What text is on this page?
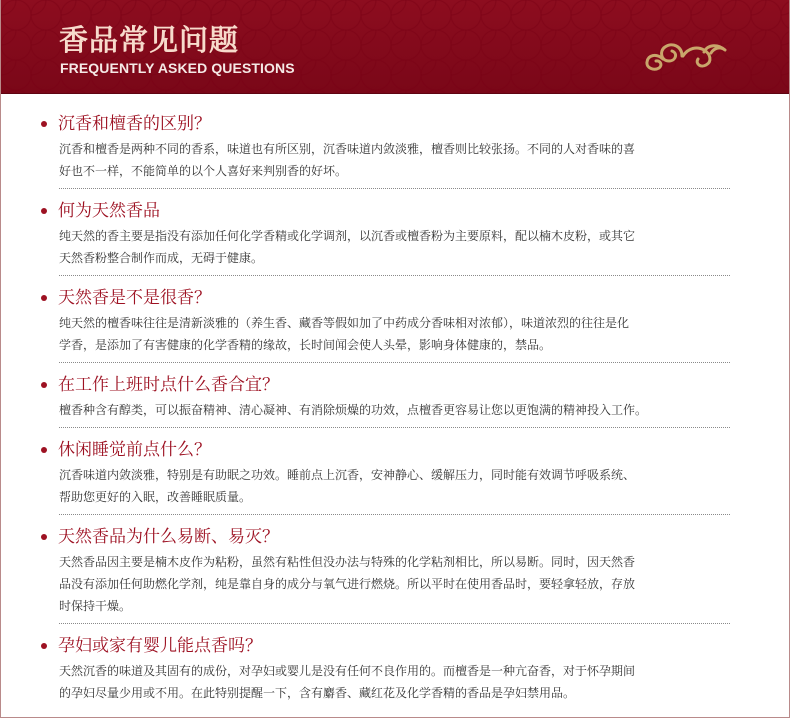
香品常见问题
FREQUENTLY ASKED QUESTIONS
沉香和檀香的区别？
沉香和檀香是两种不同的香系，味道也有所区别，沉香味道内敛淡雅，檀香则比较张扬。不同的人对香味的喜
好也不一样，不能简单的以个人喜好来判别香的好坏。
何为天然香品
纯天然的香主要是指没有添加任何化学香精或化学调剂，以沉香或檀香粉为主要原料，配以楠木皮粉，或其它
天然香粉整合制作而成，无碍于健康。
天然香是不是很香？
纯天然的檀香味往往是清新淡雅的（养生香、藏香等假如加了中药成分香味相对浓郁），味道浓烈的往往是化
学香，是添加了有害健康的化学香精的缘故，长时间闻会使人头晕，影响身体健康的，禁品。
在工作上班时点什么香合宜？
檀香种含有醇类，可以振奋精神、清心凝神、有消除烦燥的功效，点檀香更容易让您以更饱满的精神投入工作。
休闲睡觉前点什么？
沉香味道内敛淡雅，特别是有助眠之功效。睡前点上沉香，安神静心、缓解压力，同时能有效调节呼吸系统、
帮助您更好的入眠，改善睡眠质量。
天然香品为什么易断、易灭？
天然香品因主要是楠木皮作为粘粉，虽然有粘性但没办法与特殊的化学粘剂相比，所以易断。同时，因天然香
品没有添加任何助燃化学剂，纯是靠自身的成分与氧气进行燃烧。所以平时在使用香品时，要轻拿轻放，存放
时保持干燥。
孕妇或家有婴儿能点香吗？
天然沉香的味道及其固有的成份，对孕妇或婴儿是没有任何不良作用的。而檀香是一种亢奋香，对于怀孕期间
的孕妇尽量少用或不用。在此特别提醒一下，含有麝香、藏红花及化学香精的香品是孕妇禁用品。
